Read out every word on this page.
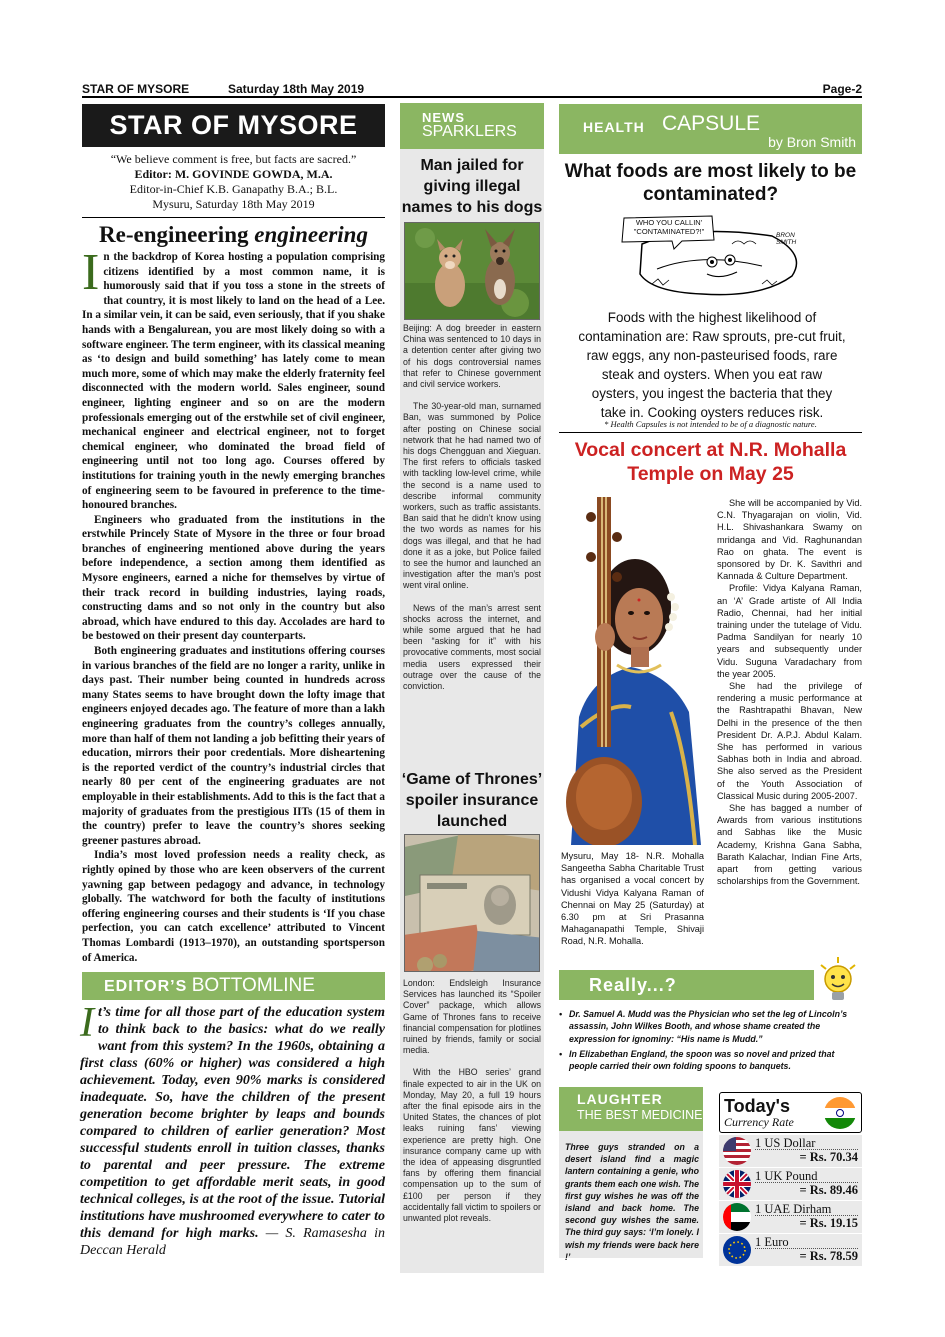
STAR OF MYSORE	Saturday 18th May 2019	Page-2
STAR OF MYSORE
“We believe comment is free, but facts are sacred.”
Editor: M. GOVINDE GOWDA, M.A.
Editor-in-Chief K.B. Ganapathy B.A.; B.L.
Mysuru, Saturday 18th May 2019
Re-engineering engineering

In the backdrop of Korea hosting a population comprising citizens identified by a most common name, it is humorously said that if you toss a stone in the streets of that country, it is most likely to land on the head of a Lee. In a similar vein, it can be said, even seriously, that if you shake hands with a Bengalurean, you are most likely doing so with a software engineer. The term engineer, with its classical meaning as ‘to design and build something’ has lately come to mean much more, some of which may make the elderly fraternity feel disconnected with the modern world. Sales engineer, sound engineer, lighting engineer and so on are the modern professionals emerging out of the erstwhile set of civil engineer, mechanical engineer and electrical engineer, not to forget chemical engineer, who dominated the broad field of engineering until not too long ago. Courses offered by institutions for training youth in the newly emerging branches of engineering seem to be favoured in preference to the time-honoured branches.

Engineers who graduated from the institutions in the erstwhile Princely State of Mysore in the three or four broad branches of engineering mentioned above during the years before independence, a section among them identified as Mysore engineers, earned a niche for themselves by virtue of their track record in building industries, laying roads, constructing dams and so not only in the country but also abroad, which have endured to this day. Accolades are hard to be bestowed on their present day counterparts.

Both engineering graduates and institutions offering courses in various branches of the field are no longer a rarity, unlike in days past. Their number being counted in hundreds across many States seems to have brought down the lofty image that engineers enjoyed decades ago. The feature of more than a lakh engineering graduates from the country’s colleges annually, more than half of them not landing a job befitting their years of education, mirrors their poor credentials. More disheartening is the reported verdict of the country’s industrial circles that nearly 80 per cent of the engineering graduates are not employable in their establishments. Add to this is the fact that a majority of graduates from the prestigious IITs (15 of them in the country) prefer to leave the country’s shores seeking greener pastures abroad.

India’s most loved profession needs a reality check, as rightly opined by those who are keen observers of the current yawning gap between pedagogy and advance, in technology globally. The watchword for both the faculty of institutions offering engineering courses and their students is ‘If you chase perfection, you can catch excellence’ attributed to Vincent Thomas Lombardi (1913–1970), an outstanding sportsperson of America.

EDITOR’S BOTTOMLINE
It’s time for all those part of the education system to think back to the basics: what do we really want from this system? In the 1960s, obtaining a first class (60% or higher) was considered a high achievement. Today, even 90% marks is considered inadequate. So, have the children of the present generation become brighter by leaps and bounds compared to children of earlier generation? Most successful students enroll in tuition classes, thanks to parental and peer pressure. The extreme competition to get affordable merit seats, in good technical colleges, is at the root of the issue. Tutorial institutions have mushroomed everywhere to cater to this demand for high marks. — S. Ramasesha in Deccan Herald
NEWS
SPARKLERS
Man jailed for giving illegal names to his dogs

Beijing: A dog breeder in eastern China was sentenced to 10 days in a detention center after giving two of his dogs controversial names that refer to Chinese government and civil service workers.

The 30-year-old man, surnamed Ban, was summoned by Police after posting on Chinese social network that he had named two of his dogs Chengguan and Xieguan. The first refers to officials tasked with tackling low-level crime, while the second is a name used to describe informal community workers, such as traffic assistants. Ban said that he didn’t know using the two words as names for his dogs was illegal, and that he had done it as a joke, but Police failed to see the humor and launched an investigation after the man’s post went viral online.

News of the man’s arrest sent shocks across the internet, and while some argued that he had been “asking for it” with his provocative comments, most social media users expressed their outrage over the cause of the conviction.

‘Game of Thrones’ spoiler insurance launched

London: Endsleigh Insurance Services has launched its “Spoiler Cover” package, which allows Game of Thrones fans to receive financial compensation for plotlines ruined by friends, family or social media.

With the HBO series’ grand finale expected to air in the UK on Monday, May 20, a full 19 hours after the final episode airs in the United States, the chances of plot leaks ruining fans’ viewing experience are pretty high. One insurance company came up with the idea of appeasing disgruntled fans by offering them financial compensation up to the sum of £100 per person if they accidentally fall victim to spoilers or unwanted plot reveals.

HEALTH CAPSULE
by Bron Smith
What foods are most likely to be contaminated?
WHO YOU CALLIN' "CONTAMINATED?!"	BRON SMITH
Foods with the highest likelihood of contamination are: Raw sprouts, pre-cut fruit, raw eggs, any non-pasteurised foods, rare steak and oysters. When you eat raw oysters, you ingest the bacteria that they take in. Cooking oysters reduces risk.
* Health Capsules is not intended to be of a diagnostic nature.
Vocal concert at N.R. Mohalla Temple on May 25
Mysuru, May 18- N.R. Mohalla Sangeetha Sabha Charitable Trust has organised a vocal concert by Vidushi Vidya Kalyana Raman of Chennai on May 25 (Saturday) at 6.30 pm at Sri Prasanna Mahaganapathi Temple, Shivaji Road, N.R. Mohalla.

She will be accompanied by Vid. C.N. Thyagarajan on violin, Vid. H.L. Shivashankara Swamy on mridanga and Vid. Raghunandan Rao on ghata. The event is sponsored by Dr. K. Savithri and Kannada & Culture Department.

Profile: Vidya Kalyana Raman, an ‘A’ Grade artiste of All India Radio, Chennai, had her initial training under the tutelage of Vidu. Padma Sandilyan for nearly 10 years and subsequently under Vidu. Suguna Varadachary from the year 2005.

She had the privilege of rendering a music performance at the Rashtrapathi Bhavan, New Delhi in the presence of the then President Dr. A.P.J. Abdul Kalam. She has performed in various Sabhas both in India and abroad. She also served as the President of the Youth Association of Classical Music during 2005-2007.

She has bagged a number of Awards from various institutions and Sabhas like the Music Academy, Krishna Gana Sabha, Barath Kalachar, Indian Fine Arts, apart from getting various scholarships from the Government.

Really...?
• Dr. Samuel A. Mudd was the Physician who set the leg of Lincoln’s assassin, John Wilkes Booth, and whose shame created the expression for ignominy: “His name is Mudd.”
• In Elizabethan England, the spoon was so novel and prized that people carried their own folding spoons to banquets.
LAUGHTER
THE BEST MEDICINE
Three guys stranded on a desert island find a magic lantern containing a genie, who grants them each one wish. The first guy wishes he was off the island and back home. The second guy wishes the same. The third guy says: ‘I’m lonely. I wish my friends were back here !’
Today's
Currency Rate
1 US Dollar
= Rs. 70.34
1 UK Pound
= Rs. 89.46
1 UAE Dirham
= Rs. 19.15
1 Euro
= Rs. 78.59
